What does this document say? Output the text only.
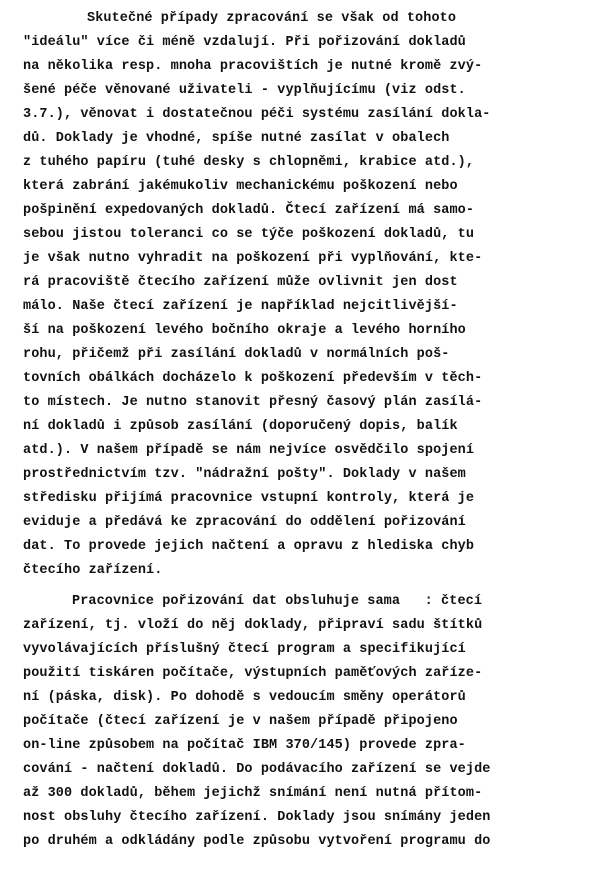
Skutečné případy zpracování se však od tohoto
"ideálu" více či méně vzdalují. Při pořizování dokladů
na několika resp. mnoha pracovištích je nutné kromě zvý-
šené péče věnované uživateli - vyplňujícímu (viz odst.
3.7.), věnovat i dostatečnou péči systému zasílání dokla-
dů. Doklady je vhodné, spíše nutné zasílat v obalech
z tuhého papíru (tuhé desky s chlopněmi, krabice atd.),
která zabrání jakémukoliv mechanickému poškození nebo
pošpinění expedovaných dokladů. Čtecí zařízení má samo-
sebou jistou toleranci co se týče poškození dokladů, tu
je však nutno vyhradit na poškození při vyplňování, kte-
rá pracoviště čtecího zařízení může ovlivnit jen dost
málo. Naše čtecí zařízení je například nejcitlivější-
ší na poškození levého bočního okraje a levého horního
rohu, přičemž při zasílání dokladů v normálních poš-
tovních obálkách docházelo k poškození především v těch-
to místech. Je nutno stanovit přesný časový plán zasílá-
ní dokladů i způsob zasílání (doporučený dopis, balík
atd.). V našem případě se nám nejvíce osvědčilo spojení
prostřednictvím tzv. "nádražní pošty". Doklady v našem
středisku přijímá pracovnice vstupní kontroly, která je
eviduje a předává ke zpracování do oddělení pořizování
dat. To provede jejich načtení a opravu z hlediska chyb
čtecího zařízení.
Pracovnice pořizování dat obsluhuje sama   : čtecí
zařízení, tj. vloží do něj doklady, připraví sadu štítků
vyvolávajících příslušný čtecí program a specifikující
použití tiskáren počítače, výstupních paměťových zaříze-
ní (páska, disk). Po dohodě s vedoucím směny operátorů
počítače (čtecí zařízení je v našem případě připojeno
on-line způsobem na počítač IBM 370/145) provede zpra-
cování - načtení dokladů. Do podávacího zařízení se vejde
až 300 dokladů, během jejichž snímání není nutná přítom-
nost obsluhy čtecího zařízení. Doklady jsou snímány jeden
po druhém a odkládány podle způsobu vytvoření programu do
